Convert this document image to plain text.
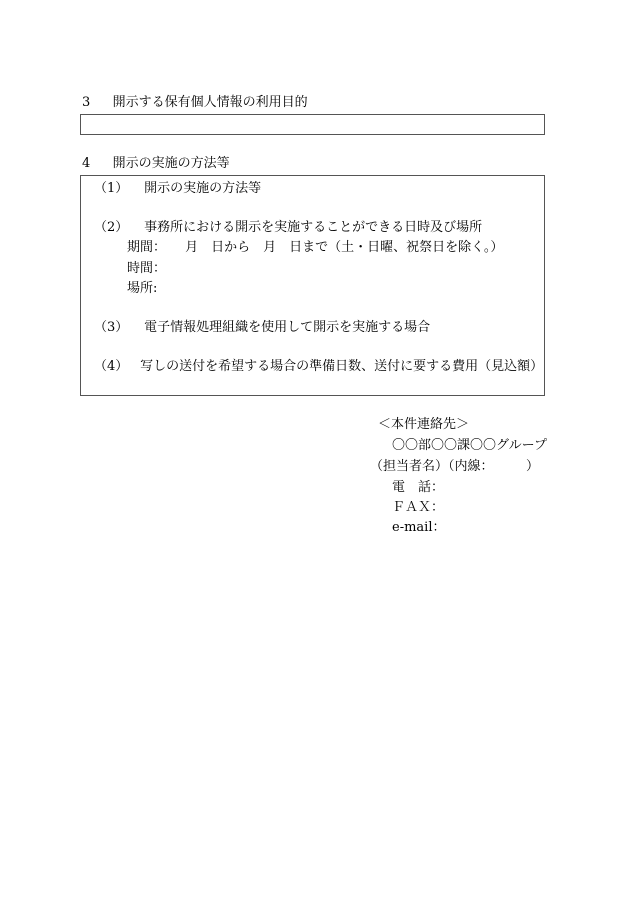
3 開示する保有個人情報の利用目的
4 開示の実施の方法等
（1） 開示の実施の方法等
（2） 事務所における開示を実施することができる日時及び場所
期間： 月　日から　月　日まで（土・日曜、祝祭日を除く。）
時間：
場所:
（3） 電子情報処理組織を使用して開示を実施する場合
（4） 写しの送付を希望する場合の準備日数、送付に要する費用（見込額）
＜本件連絡先＞
〇〇部〇〇課〇〇グループ
（担当者名）（内線：　　　）
電　話：
ＦＡＸ：
e-mail：
